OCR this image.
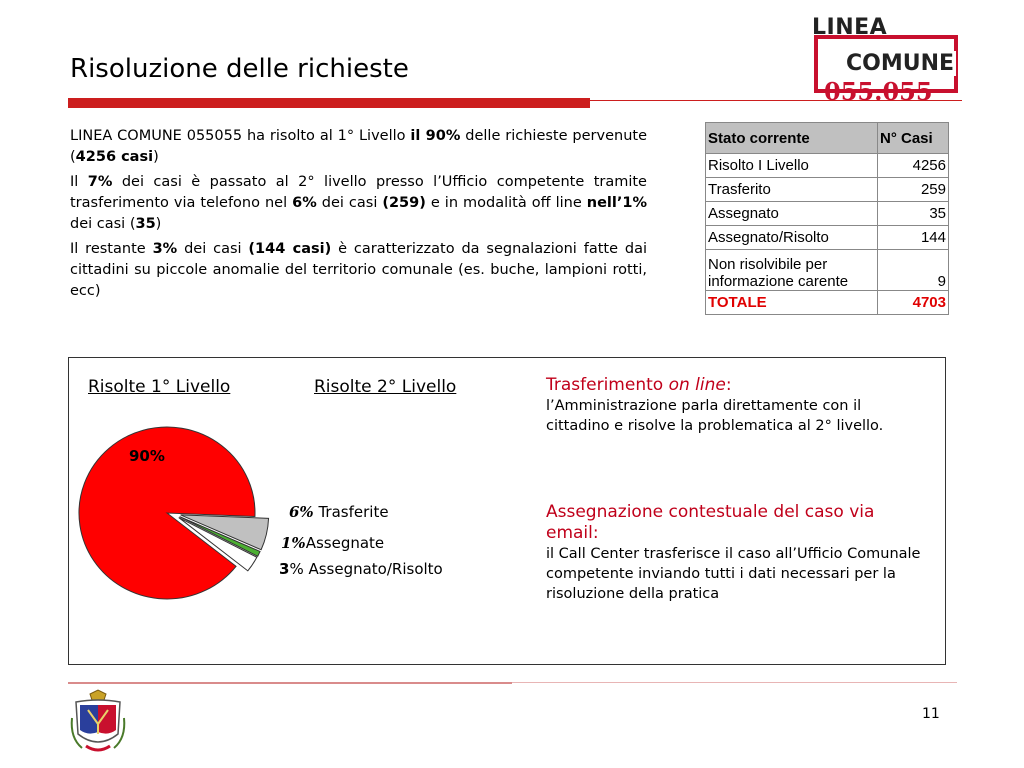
Risoluzione delle richieste
LINEA
COMUNE
055.055

LINEA COMUNE 055055 ha risolto al 1° Livello il 90% delle richieste pervenute (4256 casi)

Il 7% dei casi è passato al 2° livello presso l’Ufficio competente tramite trasferimento via telefono nel 6% dei casi (259) e in modalità off line nell’1% dei casi (35)

Il restante 3% dei casi (144 casi) è caratterizzato da segnalazioni fatte dai cittadini su piccole anomalie del territorio comunale (es. buche, lampioni rotti, ecc)

Stato corrente	N° Casi
Risolto I Livello	4256
Trasferito	259
Assegnato	35
Assegnato/Risolto	144
Non risolvibile per informazione carente	9
TOTALE	4703
Risolte 1° Livello	Risolte 2° Livello
90%
6% Trasferite
1%Assegnate
3% Assegnato/Risolto
Trasferimento on line:
l’Amministrazione parla direttamente con il cittadino e risolve la problematica al 2° livello.
Assegnazione contestuale del caso via email:
il Call Center trasferisce il caso all’Ufficio Comunale competente inviando tutti i dati necessari per la risoluzione della pratica
11
